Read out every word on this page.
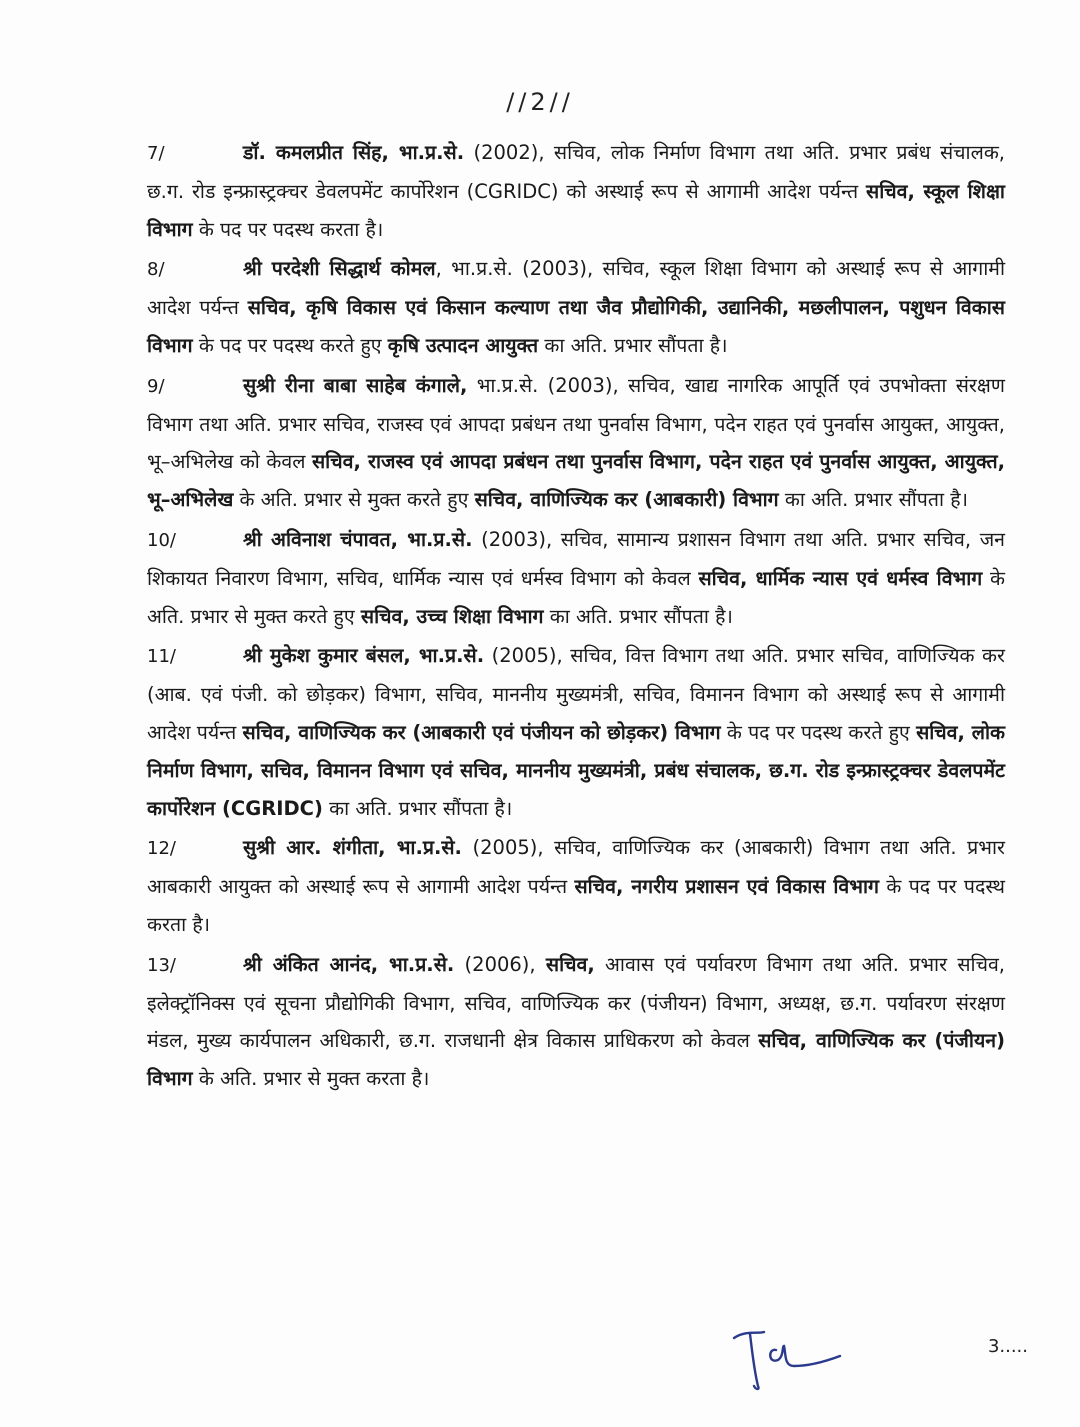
//2//

7/	डॉ. कमलप्रीत सिंह, भा.प्र.से. (2002), सचिव, लोक निर्माण विभाग तथा अति. प्रभार प्रबंध संचालक, छ.ग. रोड इन्फ्रास्ट्रक्चर डेवलपमेंट कार्पोरेशन (CGRIDC) को अस्थाई रूप से आगामी आदेश पर्यन्त सचिव, स्कूल शिक्षा विभाग के पद पर पदस्थ करता है।

8/	श्री परदेशी सिद्धार्थ कोमल, भा.प्र.से. (2003), सचिव, स्कूल शिक्षा विभाग को अस्थाई रूप से आगामी आदेश पर्यन्त सचिव, कृषि विकास एवं किसान कल्याण तथा जैव प्रौद्योगिकी, उद्यानिकी, मछलीपालन, पशुधन विकास विभाग के पद पर पदस्थ करते हुए कृषि उत्पादन आयुक्त का अति. प्रभार सौंपता है।

9/	सुश्री रीना बाबा साहेब कंगाले, भा.प्र.से. (2003), सचिव, खाद्य नागरिक आपूर्ति एवं उपभोक्ता संरक्षण विभाग तथा अति. प्रभार सचिव, राजस्व एवं आपदा प्रबंधन तथा पुनर्वास विभाग, पदेन राहत एवं पुनर्वास आयुक्त, आयुक्त, भू–अभिलेख को केवल सचिव, राजस्व एवं आपदा प्रबंधन तथा पुनर्वास विभाग, पदेन राहत एवं पुनर्वास आयुक्त, आयुक्त, भू–अभिलेख के अति. प्रभार से मुक्त करते हुए सचिव, वाणिज्यिक कर (आबकारी) विभाग का अति. प्रभार सौंपता है।

10/	श्री अविनाश चंपावत, भा.प्र.से. (2003), सचिव, सामान्य प्रशासन विभाग तथा अति. प्रभार सचिव, जन शिकायत निवारण विभाग, सचिव, धार्मिक न्यास एवं धर्मस्व विभाग को केवल सचिव, धार्मिक न्यास एवं धर्मस्व विभाग के अति. प्रभार से मुक्त करते हुए सचिव, उच्च शिक्षा विभाग का अति. प्रभार सौंपता है।

11/	श्री मुकेश कुमार बंसल, भा.प्र.से. (2005), सचिव, वित्त विभाग तथा अति. प्रभार सचिव, वाणिज्यिक कर (आब. एवं पंजी. को छोड़कर) विभाग, सचिव, माननीय मुख्यमंत्री, सचिव, विमानन विभाग को अस्थाई रूप से आगामी आदेश पर्यन्त सचिव, वाणिज्यिक कर (आबकारी एवं पंजीयन को छोड़कर) विभाग के पद पर पदस्थ करते हुए सचिव, लोक निर्माण विभाग, सचिव, विमानन विभाग एवं सचिव, माननीय मुख्यमंत्री, प्रबंध संचालक, छ.ग. रोड इन्फ्रास्ट्रक्चर डेवलपमेंट कार्पोरेशन (CGRIDC) का अति. प्रभार सौंपता है।

12/	सुश्री आर. शंगीता, भा.प्र.से. (2005), सचिव, वाणिज्यिक कर (आबकारी) विभाग तथा अति. प्रभार आबकारी आयुक्त को अस्थाई रूप से आगामी आदेश पर्यन्त सचिव, नगरीय प्रशासन एवं विकास विभाग के पद पर पदस्थ करता है।

13/	श्री अंकित आनंद, भा.प्र.से. (2006), सचिव, आवास एवं पर्यावरण विभाग तथा अति. प्रभार सचिव, इलेक्ट्रॉनिक्स एवं सूचना प्रौद्योगिकी विभाग, सचिव, वाणिज्यिक कर (पंजीयन) विभाग, अध्यक्ष, छ.ग. पर्यावरण संरक्षण मंडल, मुख्य कार्यपालन अधिकारी, छ.ग. राजधानी क्षेत्र विकास प्राधिकरण को केवल सचिव, वाणिज्यिक कर (पंजीयन) विभाग के अति. प्रभार से मुक्त करता है।

3.....
